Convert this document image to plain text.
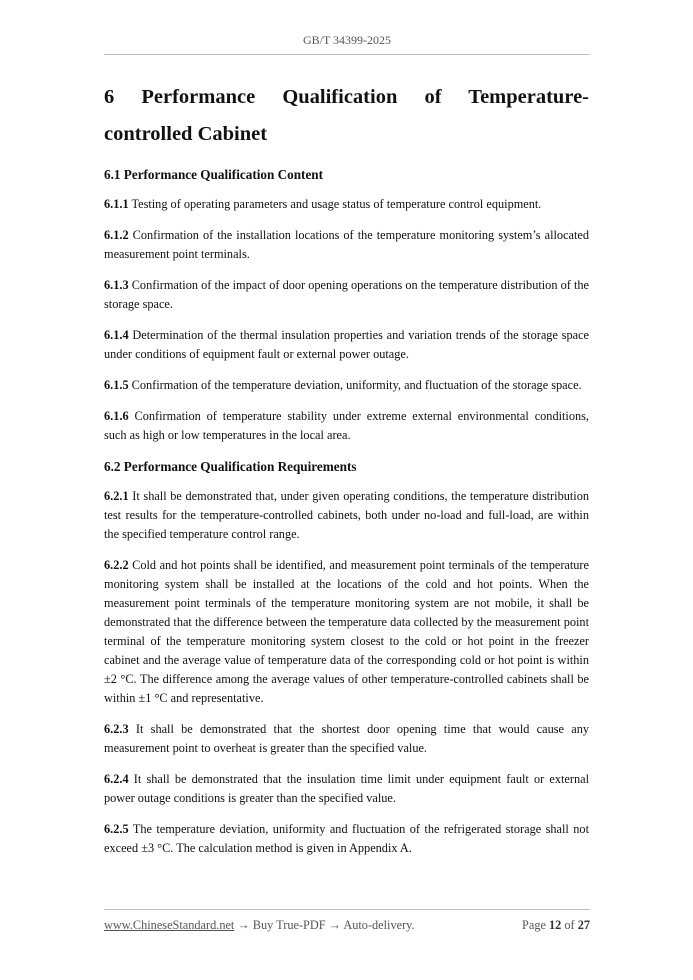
GB/T 34399-2025
6 Performance Qualification of Temperature-controlled Cabinet
6.1 Performance Qualification Content

6.1.1 Testing of operating parameters and usage status of temperature control equipment.

6.1.2 Confirmation of the installation locations of the temperature monitoring system’s allocated measurement point terminals.

6.1.3 Confirmation of the impact of door opening operations on the temperature distribution of the storage space.

6.1.4 Determination of the thermal insulation properties and variation trends of the storage space under conditions of equipment fault or external power outage.

6.1.5 Confirmation of the temperature deviation, uniformity, and fluctuation of the storage space.

6.1.6 Confirmation of temperature stability under extreme external environmental conditions, such as high or low temperatures in the local area.

6.2 Performance Qualification Requirements

6.2.1 It shall be demonstrated that, under given operating conditions, the temperature distribution test results for the temperature-controlled cabinets, both under no-load and full-load, are within the specified temperature control range.

6.2.2 Cold and hot points shall be identified, and measurement point terminals of the temperature monitoring system shall be installed at the locations of the cold and hot points. When the measurement point terminals of the temperature monitoring system are not mobile, it shall be demonstrated that the difference between the temperature data collected by the measurement point terminal of the temperature monitoring system closest to the cold or hot point in the freezer cabinet and the average value of temperature data of the corresponding cold or hot point is within ±2 °C. The difference among the average values of other temperature-controlled cabinets shall be within ±1 °C and representative.

6.2.3 It shall be demonstrated that the shortest door opening time that would cause any measurement point to overheat is greater than the specified value.

6.2.4 It shall be demonstrated that the insulation time limit under equipment fault or external power outage conditions is greater than the specified value.

6.2.5 The temperature deviation, uniformity and fluctuation of the refrigerated storage shall not exceed ±3 °C. The calculation method is given in Appendix A.

www.ChineseStandard.net → Buy True-PDF → Auto-delivery.	Page 12 of 27
